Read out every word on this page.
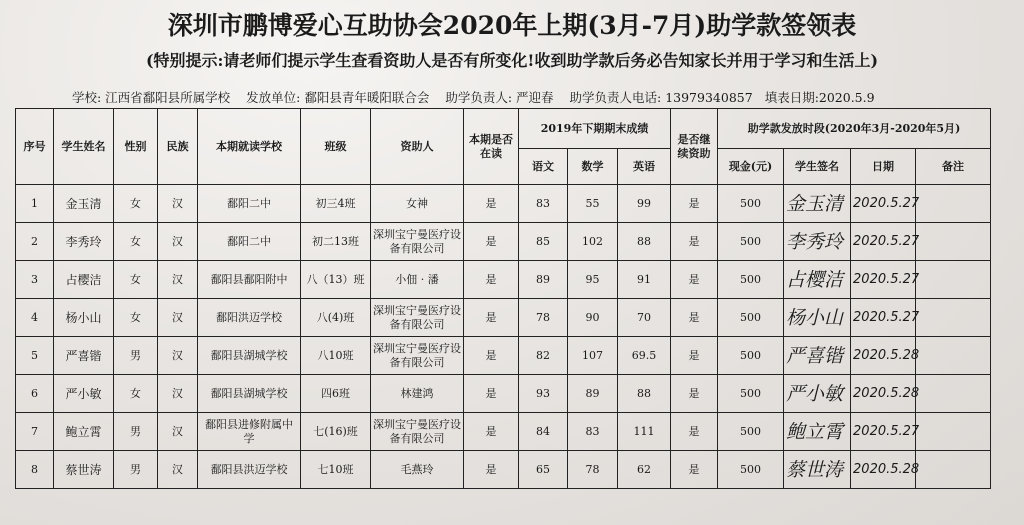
深圳市鹏博爱心互助协会2020年上期(3月-7月)助学款签领表
(特别提示:请老师们提示学生查看资助人是否有所变化!收到助学款后务必告知家长并用于学习和生活上)
学校: 江西省鄱阳县所属学校 发放单位: 鄱阳县青年暖阳联合会 助学负责人: 严迎春 助学负责人电话: 13979340857 填表日期:2020.5.9
序号	学生姓名	性别	民族	本期就读学校	班级	资助人	本期是否在读	2019年下期期末成绩			是否继续资助	助学款发放时段(2020年3月-2020年5月)			
								语文	数学	英语		现金(元)	学生签名	日期	备注
1	金玉清	女	汉	鄱阳二中	初三4班	女神	是	83	55	99	是	500	金玉清	2020.5.27	
2	李秀玲	女	汉	鄱阳二中	初二13班	深圳宝宁曼医疗设备有限公司	是	85	102	88	是	500	李秀玲	2020.5.27	
3	占樱洁	女	汉	鄱阳县鄱阳附中	八（13）班	小佃 · 潘	是	89	95	91	是	500	占樱洁	2020.5.27	
4	杨小山	女	汉	鄱阳洪迈学校	八(4)班	深圳宝宁曼医疗设备有限公司	是	78	90	70	是	500	杨小山	2020.5.27	
5	严喜锴	男	汉	鄱阳县湖城学校	八10班	深圳宝宁曼医疗设备有限公司	是	82	107	69.5	是	500	严喜锴	2020.5.28	
6	严小敏	女	汉	鄱阳县湖城学校	四6班	林建鸿	是	93	89	88	是	500	严小敏	2020.5.28	
7	鲍立霄	男	汉	鄱阳县进修附属中学	七(16)班	深圳宝宁曼医疗设备有限公司	是	84	83	111	是	500	鲍立霄	2020.5.27	
8	蔡世涛	男	汉	鄱阳县洪迈学校	七10班	毛燕玲	是	65	78	62	是	500	蔡世涛	2020.5.28	
